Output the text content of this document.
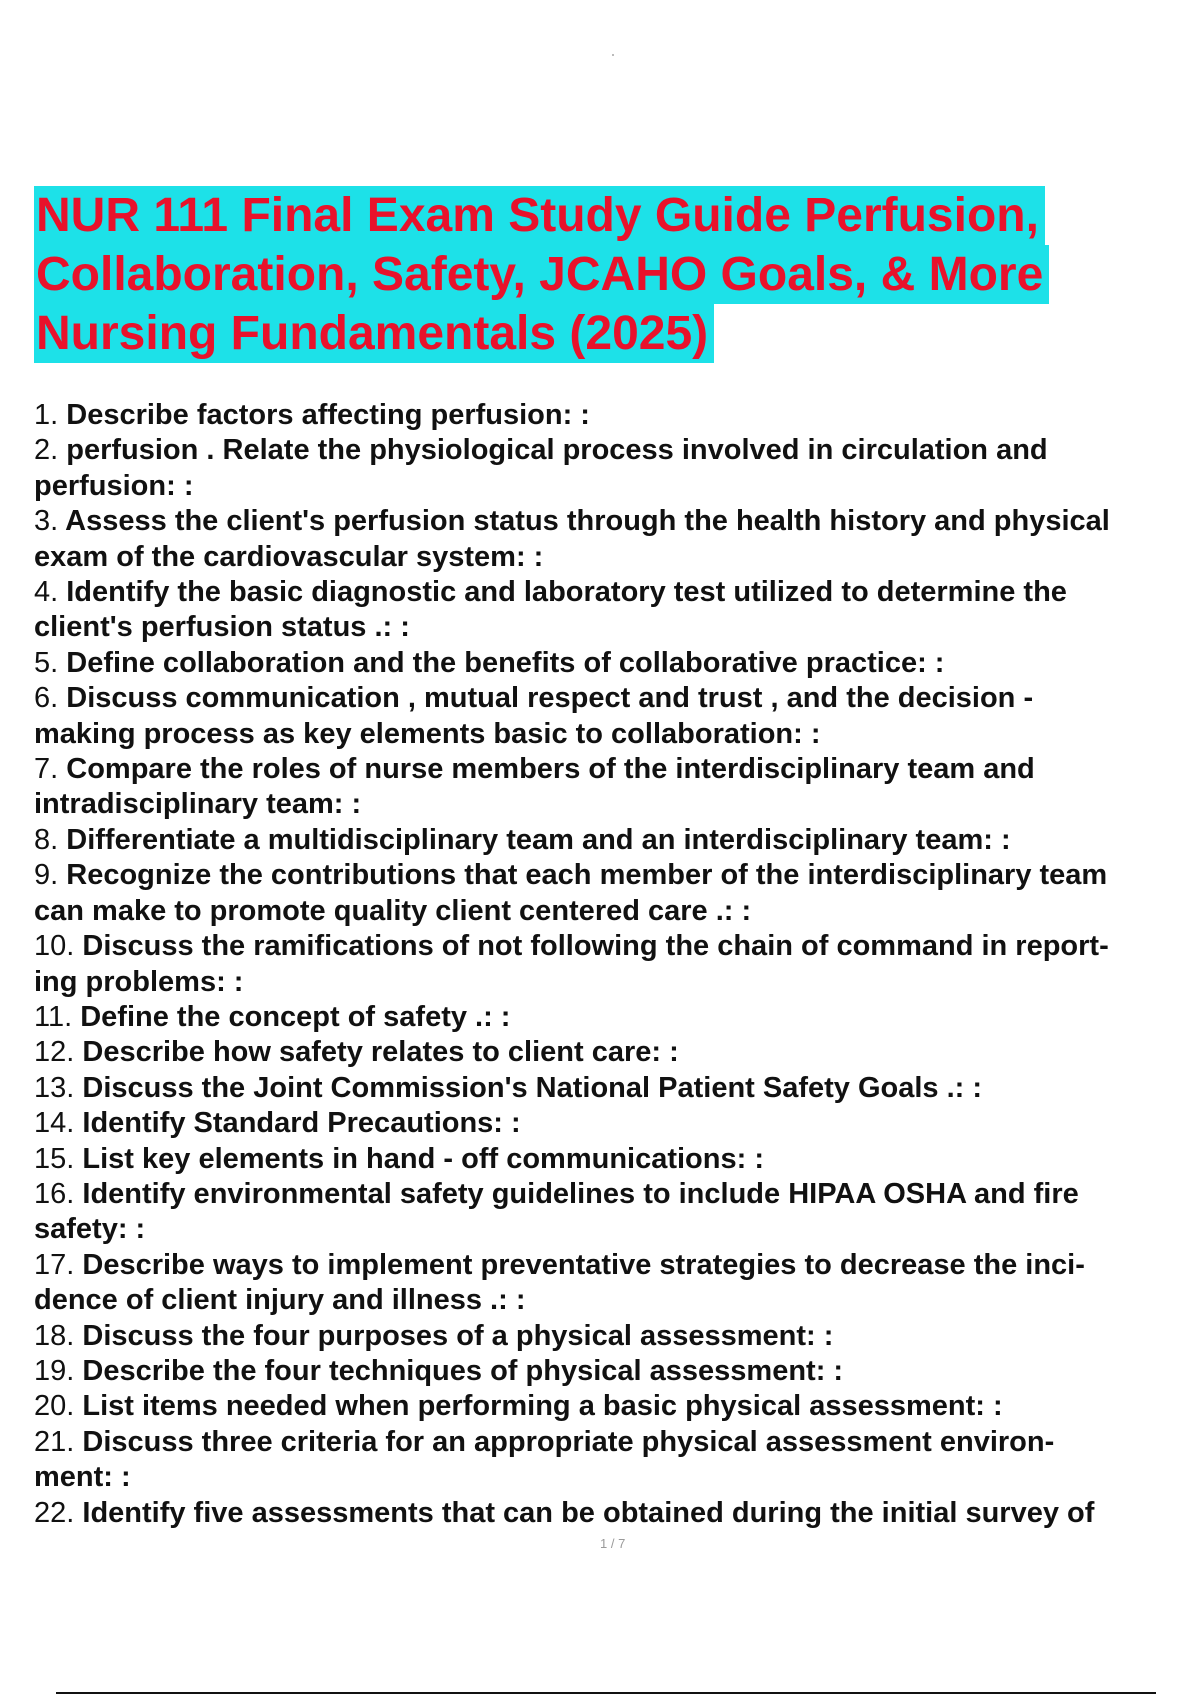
NUR 111 Final Exam Study Guide Perfusion,
Collaboration, Safety, JCAHO Goals, & More
Nursing Fundamentals (2025)
1. Describe factors affecting perfusion: :
2. perfusion . Relate the physiological process involved in circulation and
perfusion: :
3. Assess the client's perfusion status through the health history and physical
exam of the cardiovascular system: :
4. Identify the basic diagnostic and laboratory test utilized to determine the
client's perfusion status .: :
5. Define collaboration and the benefits of collaborative practice: :
6. Discuss communication , mutual respect and trust , and the decision -
making process as key elements basic to collaboration: :
7. Compare the roles of nurse members of the interdisciplinary team and
intradisciplinary team: :
8. Differentiate a multidisciplinary team and an interdisciplinary team: :
9. Recognize the contributions that each member of the interdisciplinary team
can make to promote quality client centered care .: :
10. Discuss the ramifications of not following the chain of command in report-
ing problems: :
11. Define the concept of safety .: :
12. Describe how safety relates to client care: :
13. Discuss the Joint Commission's National Patient Safety Goals .: :
14. Identify Standard Precautions: :
15. List key elements in hand - off communications: :
16. Identify environmental safety guidelines to include HIPAA OSHA and fire
safety: :
17. Describe ways to implement preventative strategies to decrease the inci-
dence of client injury and illness .: :
18. Discuss the four purposes of a physical assessment: :
19. Describe the four techniques of physical assessment: :
20. List items needed when performing a basic physical assessment: :
21. Discuss three criteria for an appropriate physical assessment environ-
ment: :
22. Identify five assessments that can be obtained during the initial survey of
1 / 7
